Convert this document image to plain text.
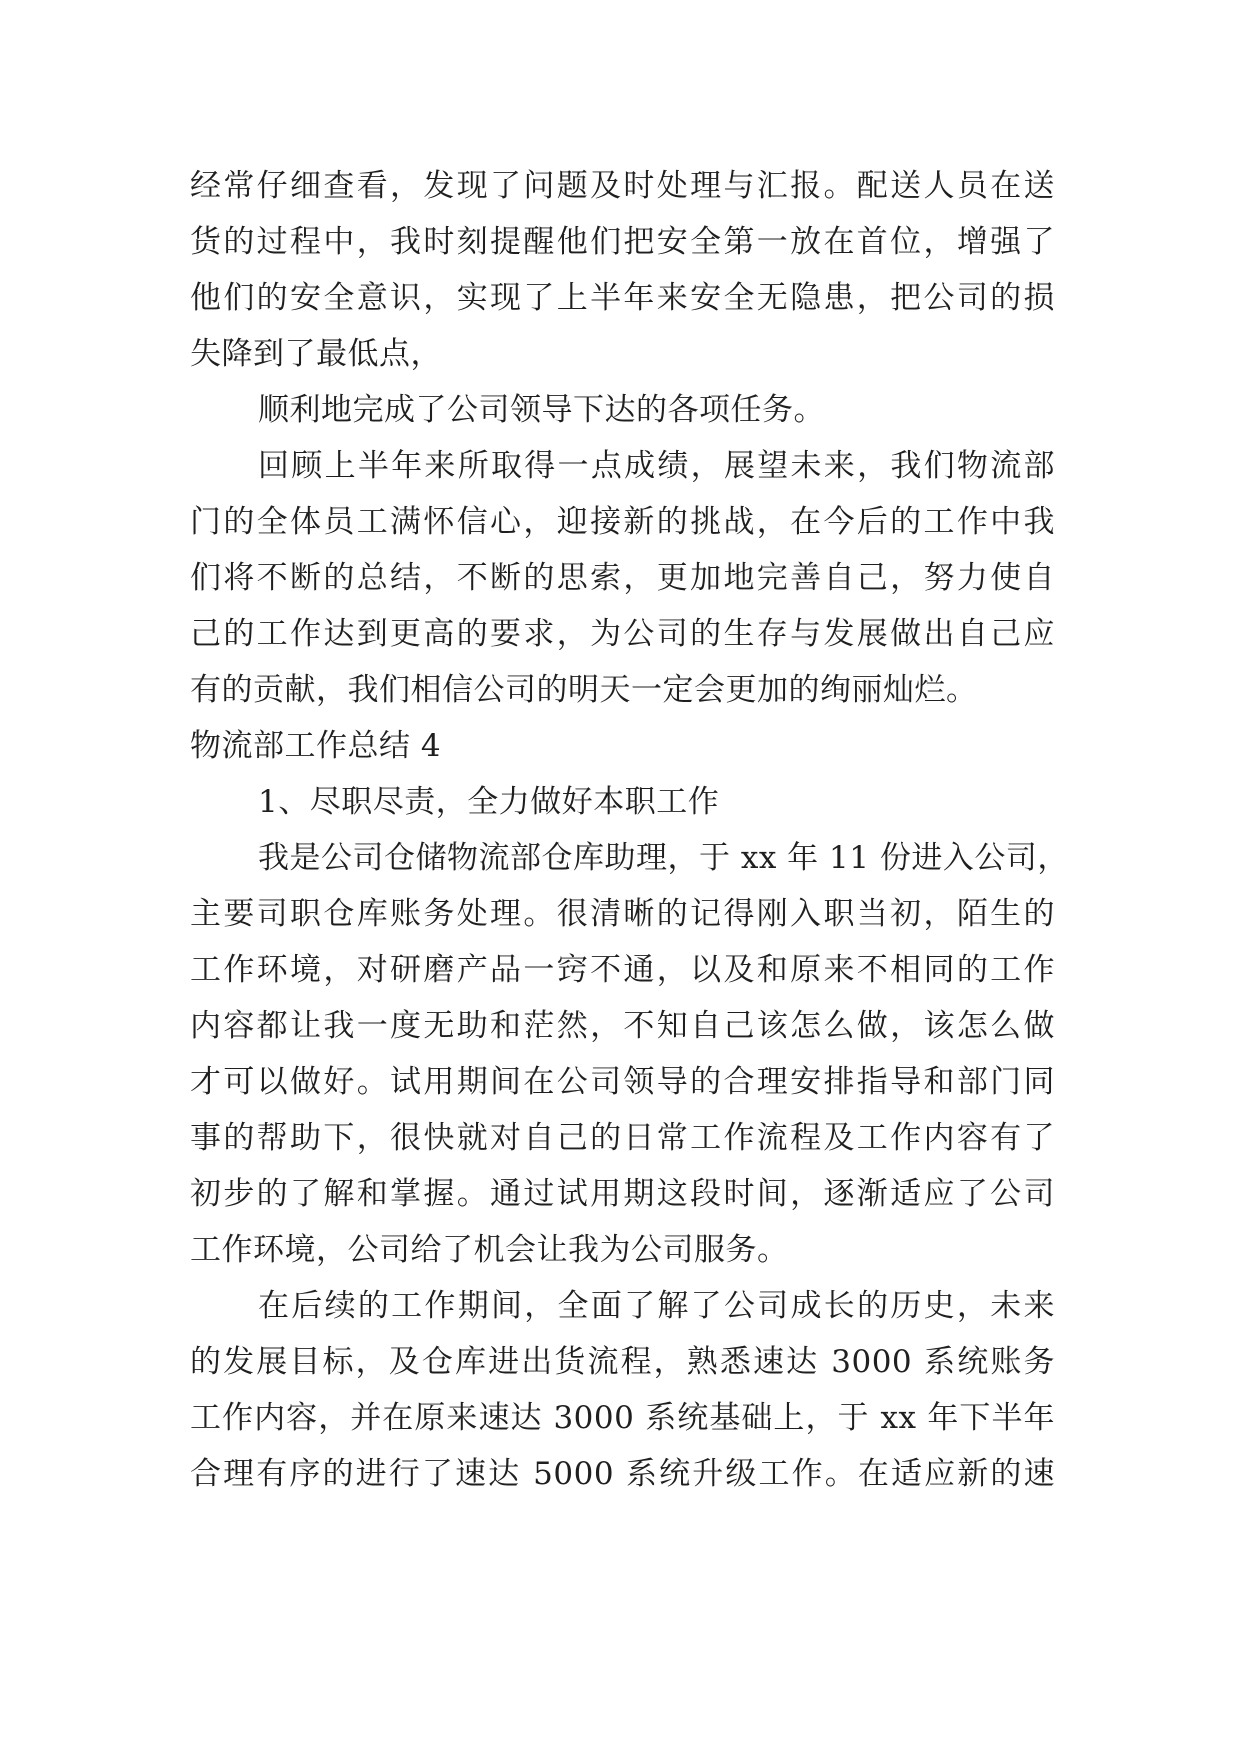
经常仔细查看，发现了问题及时处理与汇报。配送人员在送
货的过程中，我时刻提醒他们把安全第一放在首位，增强了
他们的安全意识，实现了上半年来安全无隐患，把公司的损
失降到了最低点，
顺利地完成了公司领导下达的各项任务。
回顾上半年来所取得一点成绩，展望未来，我们物流部
门的全体员工满怀信心，迎接新的挑战，在今后的工作中我
们将不断的总结，不断的思索，更加地完善自己，努力使自
己的工作达到更高的要求，为公司的生存与发展做出自己应
有的贡献，我们相信公司的明天一定会更加的绚丽灿烂。
物流部工作总结 4
1、尽职尽责，全力做好本职工作
我是公司仓储物流部仓库助理，于 xx 年 11 份进入公司，
主要司职仓库账务处理。很清晰的记得刚入职当初，陌生的
工作环境，对研磨产品一窍不通，以及和原来不相同的工作
内容都让我一度无助和茫然，不知自己该怎么做，该怎么做
才可以做好。试用期间在公司领导的合理安排指导和部门同
事的帮助下，很快就对自己的日常工作流程及工作内容有了
初步的了解和掌握。通过试用期这段时间，逐渐适应了公司
工作环境，公司给了机会让我为公司服务。
在后续的工作期间，全面了解了公司成长的历史，未来
的发展目标，及仓库进出货流程，熟悉速达 3000 系统账务
工作内容，并在原来速达 3000 系统基础上，于 xx 年下半年
合理有序的进行了速达 5000 系统升级工作。在适应新的速
